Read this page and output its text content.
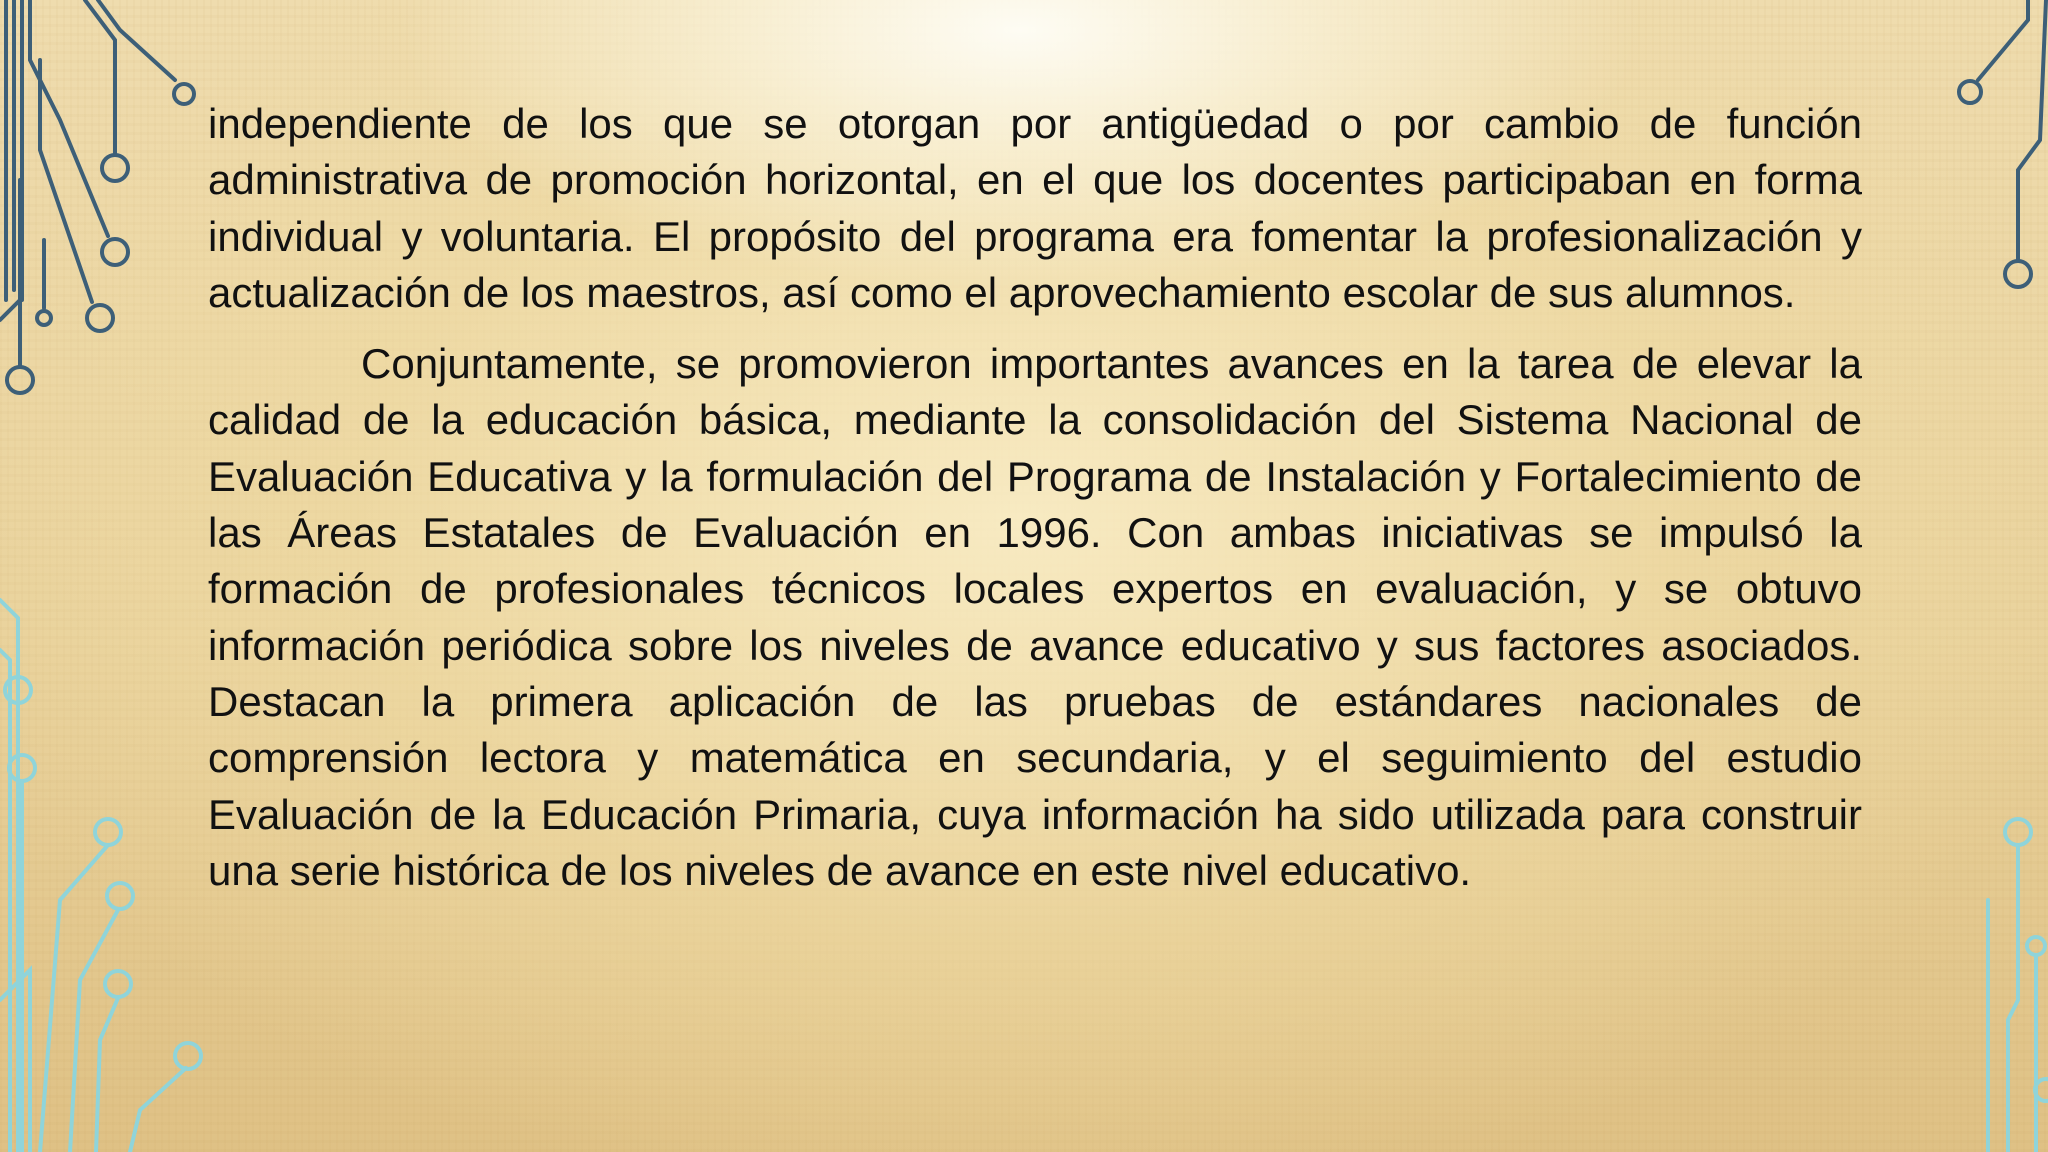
independiente de los que se otorgan por antigüedad o por cambio de función administrativa de promoción horizontal, en el que los docentes participaban en forma individual y voluntaria. El propósito del programa era fomentar la profesionalización y actualización de los maestros, así como el aprovechamiento escolar de sus alumnos.

Conjuntamente, se promovieron importantes avances en la tarea de elevar la calidad de la educación básica, mediante la consolidación del Sistema Nacional de Evaluación Educativa y la formulación del Programa de Instalación y Fortalecimiento de las Áreas Estatales de Evaluación en 1996. Con ambas iniciativas se impulsó la formación de profesionales técnicos locales expertos en evaluación, y se obtuvo información periódica sobre los niveles de avance educativo y sus factores asociados. Destacan la primera aplicación de las pruebas de estándares nacionales de comprensión lectora y matemática en secundaria, y el seguimiento del estudio Evaluación de la Educación Primaria, cuya información ha sido utilizada para construir una serie histórica de los niveles de avance en este nivel educativo.
